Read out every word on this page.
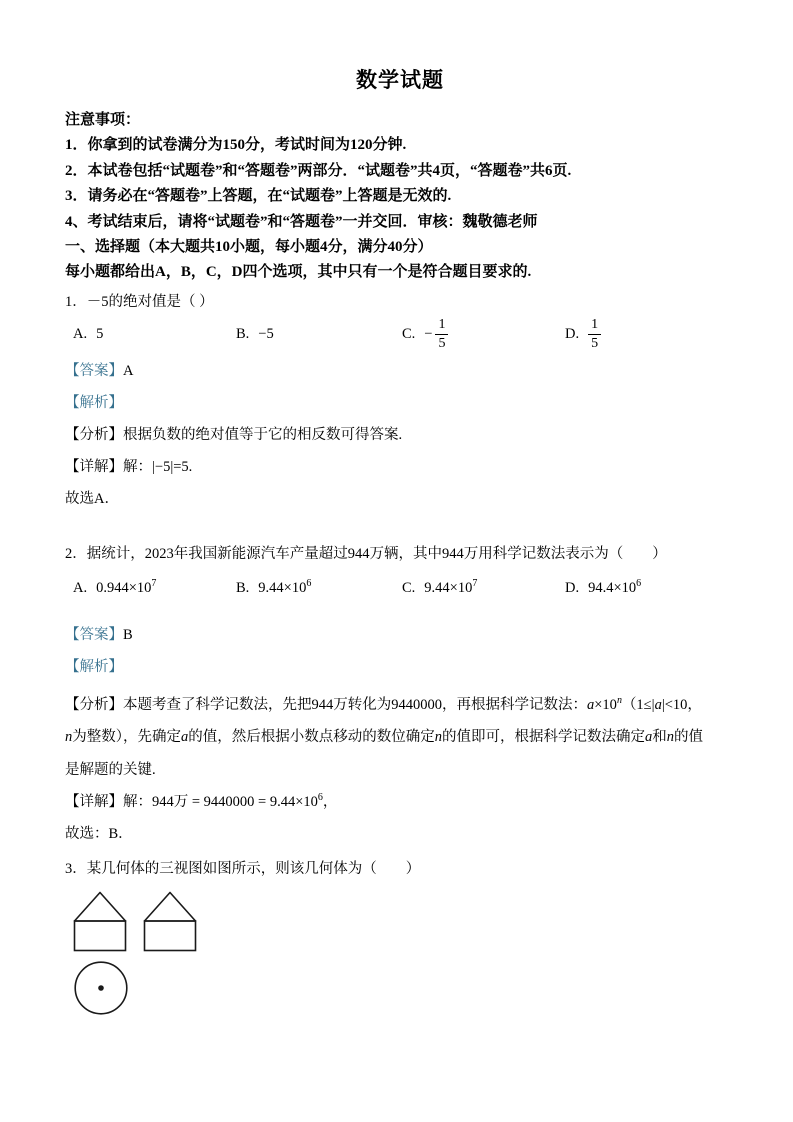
数学试题

注意事项：

1．你拿到的试卷满分为150分，考试时间为120分钟.

2．本试卷包括“试题卷”和“答题卷”两部分．“试题卷”共4页，“答题卷”共6页.

3．请务必在“答题卷”上答题，在“试题卷”上答题是无效的.

4、考试结束后，请将“试题卷”和“答题卷”一并交回．审核：魏敬德老师

一、选择题（本大题共10小题，每小题4分，满分40分）

每小题都给出A，B，C，D四个选项，其中只有一个是符合题目要求的.

1．－5的绝对值是（ ）

A. 5	B. −5	C. − $\frac{1}{5}$	D. $\frac{1}{5}$

【答案】A

【解析】

【分析】根据负数的绝对值等于它的相反数可得答案.

【详解】解：|−5|=5.

故选A．

2．据统计，2023年我国新能源汽车产量超过944万辆，其中944万用科学记数法表示为（　　）

A. $0.944\times 10^7$	B. $9.44\times 10^6$	C. $9.44\times 10^7$	D. $94.4\times 10^6$

【答案】B

【解析】

【分析】本题考查了科学记数法，先把944万转化为9440000，再根据科学记数法：$a\times 10^n(1\le|a|<10$，
n为整数），先确定a的值，然后根据小数点移动的数位确定n的值即可，根据科学记数法确定a和n的值
是解题的关键.

【详解】解：944万 = $9440000 = 9.44\times 10^6$，

故选：B．

3．某几何体的三视图如图所示，则该几何体为（　　）
